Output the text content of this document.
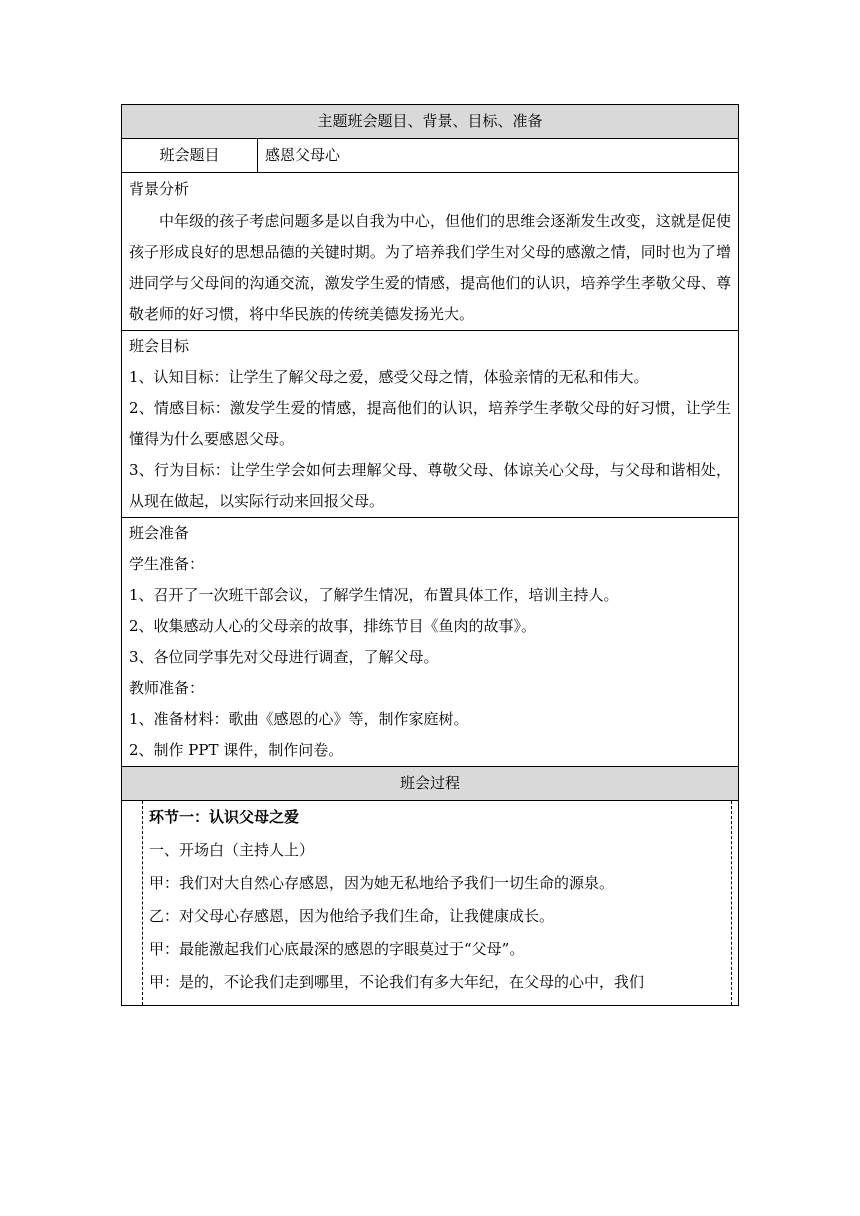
主题班会题目、背景、目标、准备
班会题目	感恩父母心

背景分析

中年级的孩子考虑问题多是以自我为中心，但他们的思维会逐渐发生改变，这就是促使孩子形成良好的思想品德的关键时期。为了培养我们学生对父母的感激之情，同时也为了增进同学与父母间的沟通交流，激发学生爱的情感，提高他们的认识，培养学生孝敬父母、尊敬老师的好习惯，将中华民族的传统美德发扬光大。

班会目标

1、认知目标：让学生了解父母之爱，感受父母之情，体验亲情的无私和伟大。

2、情感目标：激发学生爱的情感，提高他们的认识，培养学生孝敬父母的好习惯，让学生懂得为什么要感恩父母。

3、行为目标：让学生学会如何去理解父母、尊敬父母、体谅关心父母，与父母和谐相处，从现在做起，以实际行动来回报父母。

班会准备

学生准备：

1、召开了一次班干部会议，了解学生情况，布置具体工作，培训主持人。

2、收集感动人心的父母亲的故事，排练节目《鱼肉的故事》。

3、各位同学事先对父母进行调查，了解父母。

教师准备：

1、准备材料：歌曲《感恩的心》等，制作家庭树。

2、制作 PPT 课件，制作问卷。

班会过程

环节一：认识父母之爱

一、开场白（主持人上）

甲：我们对大自然心存感恩，因为她无私地给予我们一切生命的源泉。

乙：对父母心存感恩，因为他给予我们生命，让我健康成长。

甲：最能激起我们心底最深的感恩的字眼莫过于“父母”。

甲：是的，不论我们走到哪里，不论我们有多大年纪，在父母的心中，我们
